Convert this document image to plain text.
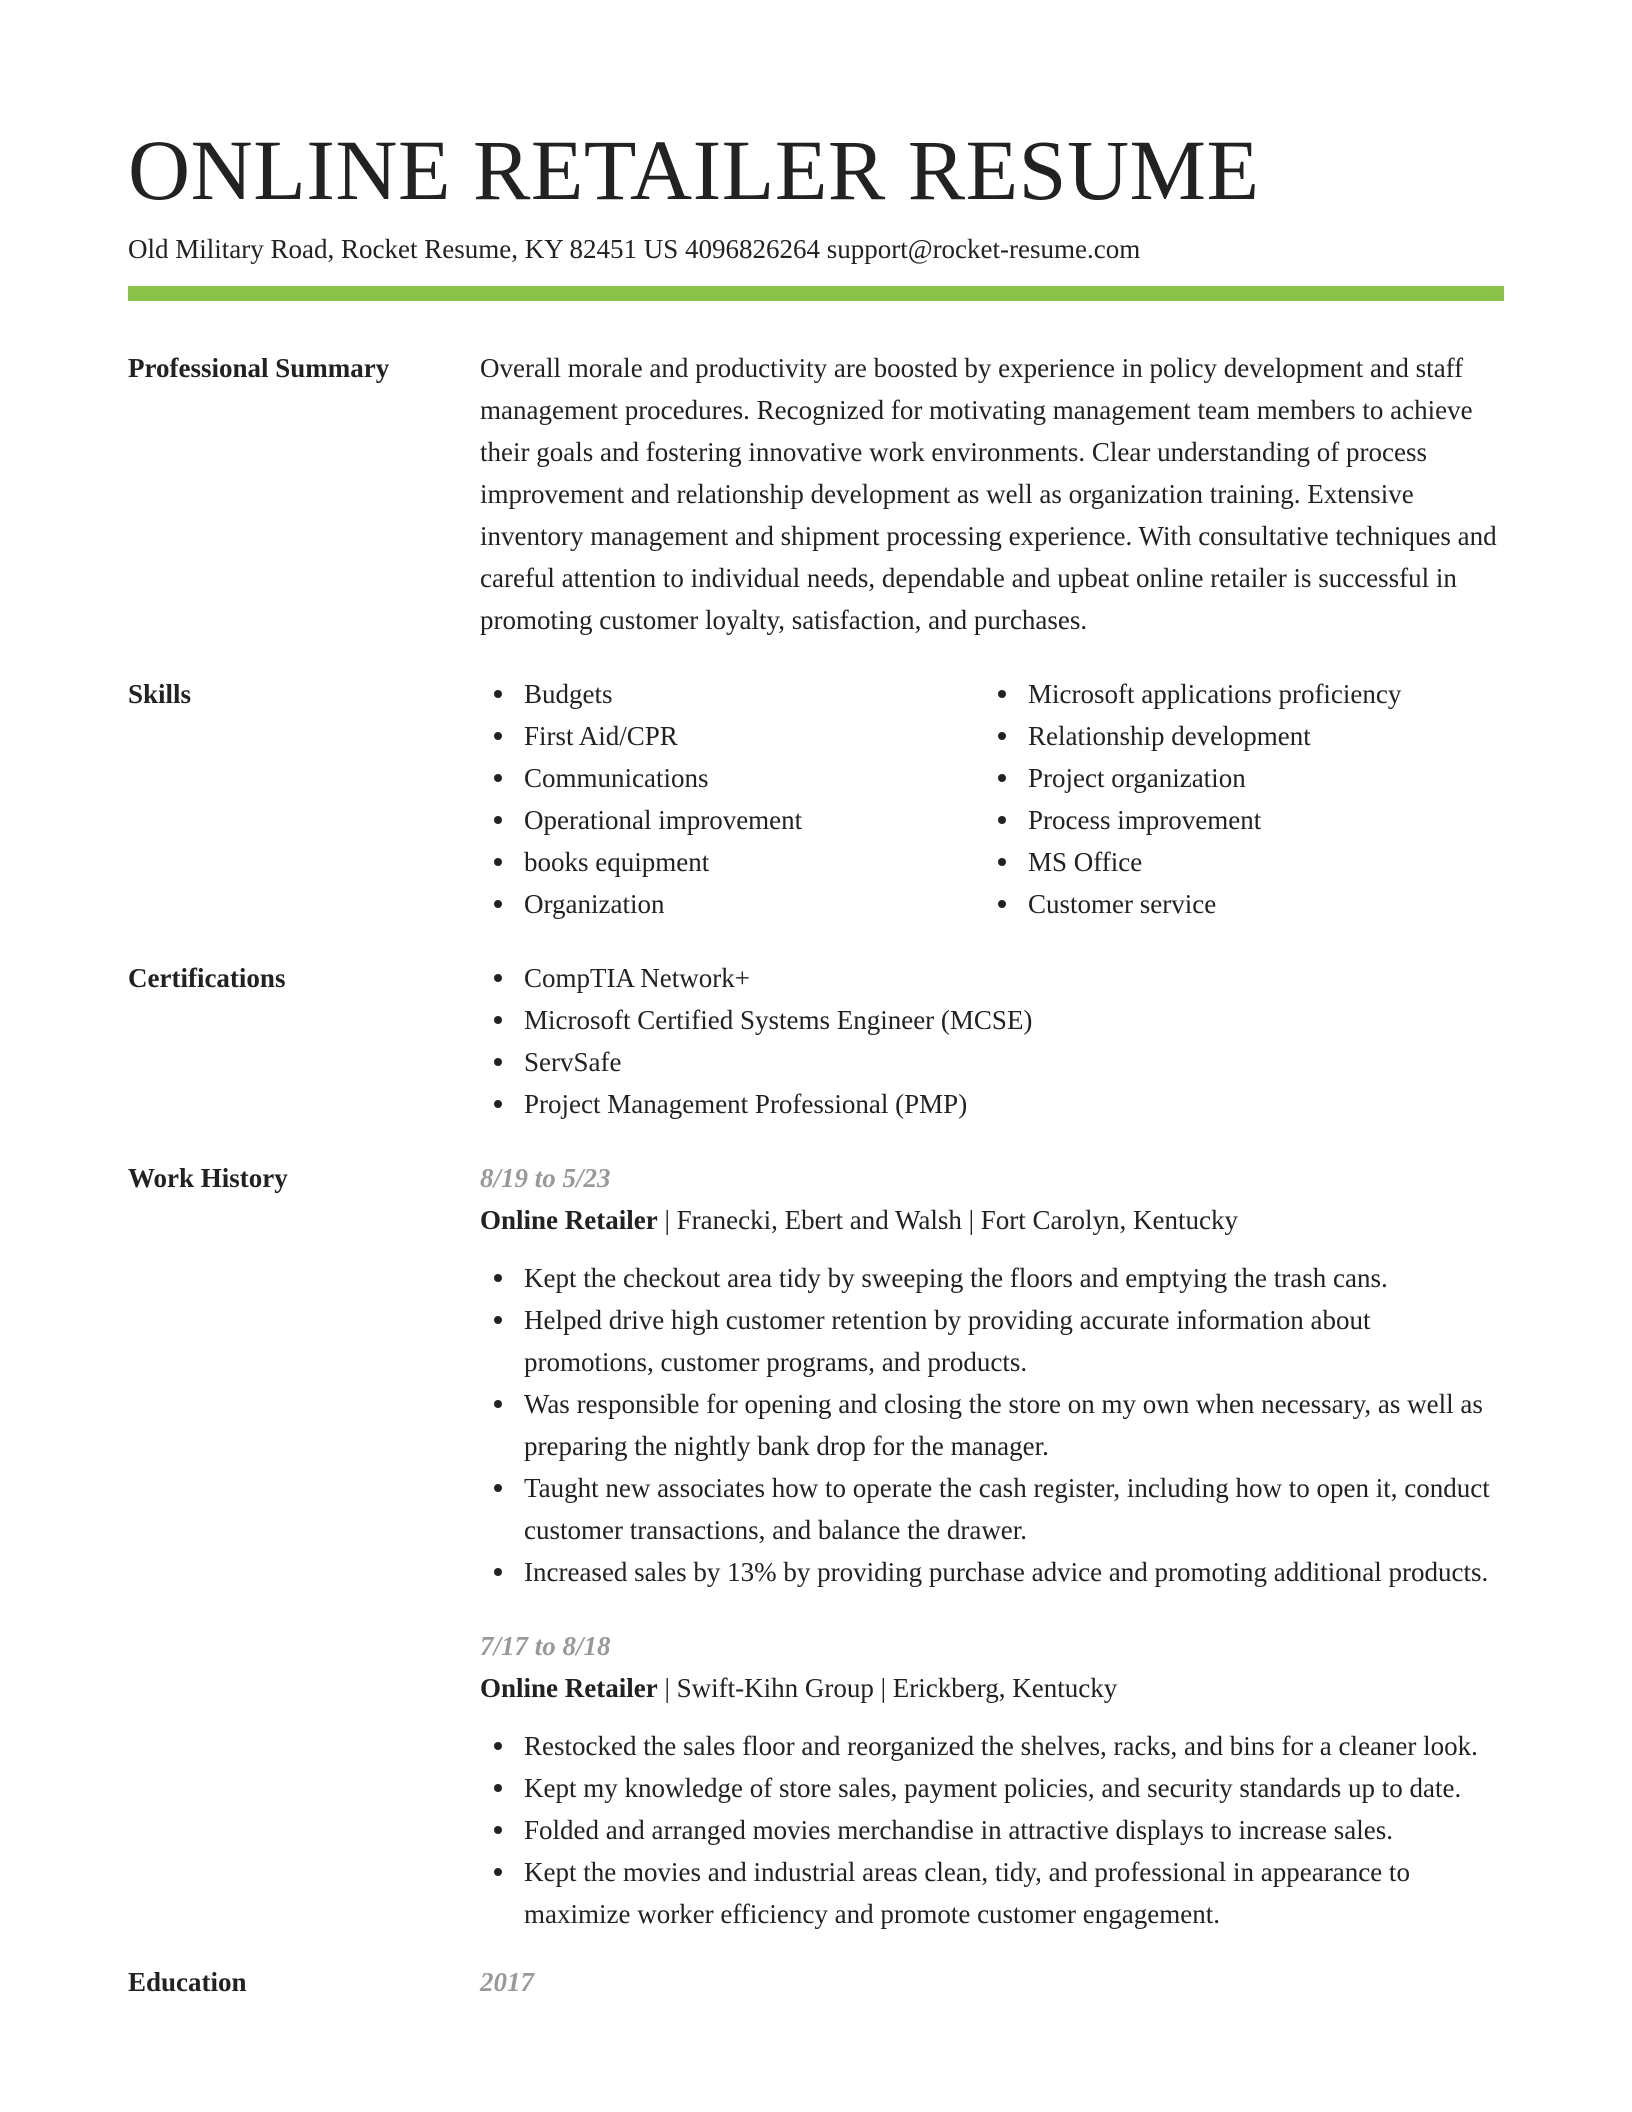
ONLINE RETAILER RESUME
Old Military Road, Rocket Resume, KY 82451 US 4096826264 support@rocket-resume.com
Professional Summary	Overall morale and productivity are boosted by experience in policy development and staff management procedures. Recognized for motivating management team members to achieve their goals and fostering innovative work environments. Clear understanding of process improvement and relationship development as well as organization training. Extensive inventory management and shipment processing experience. With consultative techniques and careful attention to individual needs, dependable and upbeat online retailer is successful in promoting customer loyalty, satisfaction, and purchases.
Skills	Budgets
First Aid/CPR
Communications
Operational improvement
books equipment
Organization
Microsoft applications proficiency
Relationship development
Project organization
Process improvement
MS Office
Customer service
Certifications	CompTIA Network+
Microsoft Certified Systems Engineer (MCSE)
ServSafe
Project Management Professional (PMP)
Work History	8/19 to 5/23
Online Retailer | Franecki, Ebert and Walsh | Fort Carolyn, Kentucky
Kept the checkout area tidy by sweeping the floors and emptying the trash cans.
Helped drive high customer retention by providing accurate information about promotions, customer programs, and products.
Was responsible for opening and closing the store on my own when necessary, as well as preparing the nightly bank drop for the manager.
Taught new associates how to operate the cash register, including how to open it, conduct customer transactions, and balance the drawer.
Increased sales by 13% by providing purchase advice and promoting additional products.
7/17 to 8/18
Online Retailer | Swift-Kihn Group | Erickberg, Kentucky
Restocked the sales floor and reorganized the shelves, racks, and bins for a cleaner look.
Kept my knowledge of store sales, payment policies, and security standards up to date.
Folded and arranged movies merchandise in attractive displays to increase sales.
Kept the movies and industrial areas clean, tidy, and professional in appearance to maximize worker efficiency and promote customer engagement.
Education	2017
